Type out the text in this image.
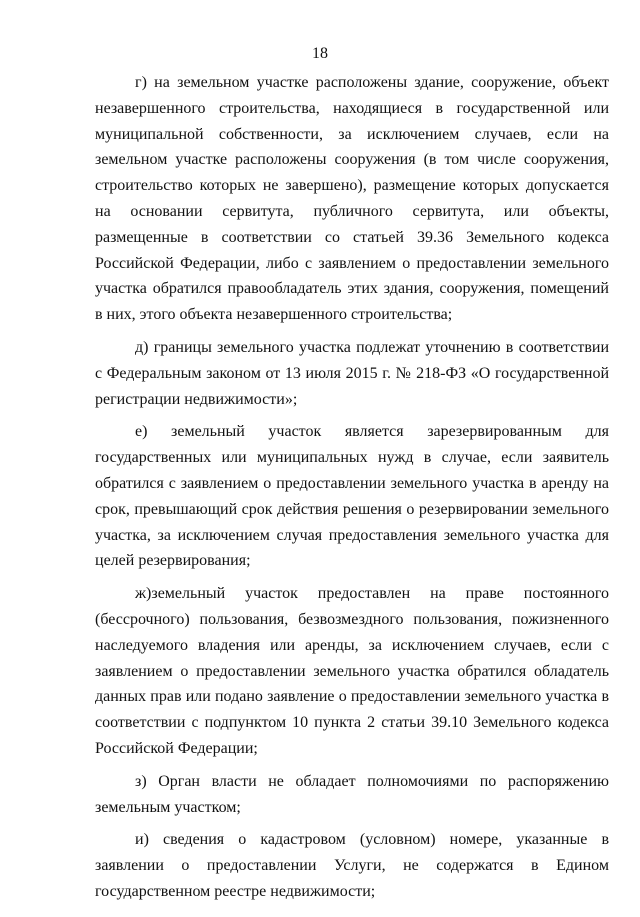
18

г) на земельном участке расположены здание, сооружение, объект незавершенного строительства, находящиеся в государственной или муниципальной собственности, за исключением случаев, если на земельном участке расположены сооружения (в том числе сооружения, строительство которых не завершено), размещение которых допускается на основании сервитута, публичного сервитута, или объекты, размещенные в соответствии со статьей 39.36 Земельного кодекса Российской Федерации, либо с заявлением о предоставлении земельного участка обратился правообладатель этих здания, сооружения, помещений в них, этого объекта незавершенного строительства;

д) границы земельного участка подлежат уточнению в соответствии с Федеральным законом от 13 июля 2015 г. № 218-ФЗ «О государственной регистрации недвижимости»;

е) земельный участок является зарезервированным для государственных или муниципальных нужд в случае, если заявитель обратился с заявлением о предоставлении земельного участка в аренду на срок, превышающий срок действия решения о резервировании земельного участка, за исключением случая предоставления земельного участка для целей резервирования;

ж)земельный участок предоставлен на праве постоянного (бессрочного) пользования, безвозмездного пользования, пожизненного наследуемого владения или аренды, за исключением случаев, если с заявлением о предоставлении земельного участка обратился обладатель данных прав или подано заявление о предоставлении земельного участка в соответствии с подпунктом 10 пункта 2 статьи 39.10 Земельного кодекса Российской Федерации;

з) Орган власти не обладает полномочиями по распоряжению земельным участком;

и) сведения о кадастровом (условном) номере, указанные в заявлении о предоставлении Услуги, не содержатся в Едином государственном реестре недвижимости;
